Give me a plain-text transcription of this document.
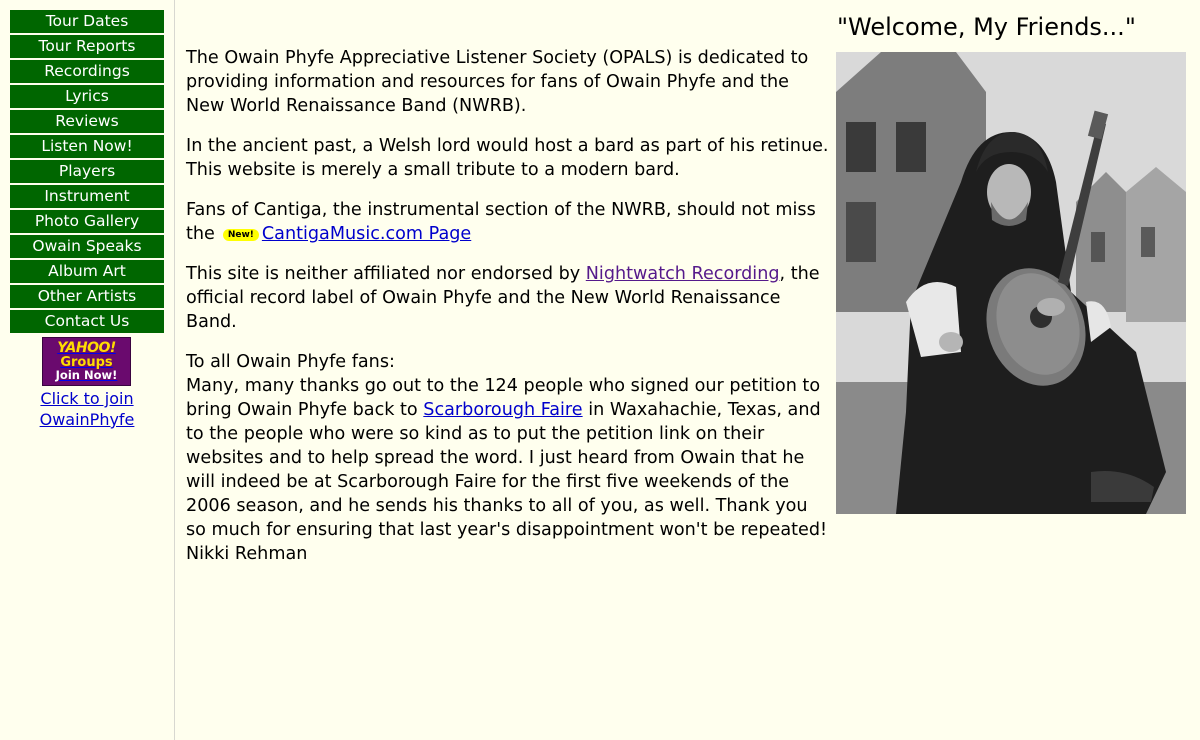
Tour Dates
Tour Reports
Recordings
Lyrics
Reviews
Listen Now!
Players
Instrument
Photo Gallery
Owain Speaks
Album Art
Other Artists
Contact Us
YAHOO!
Groups
Join Now!
Click to join
OwainPhyfe
"Welcome, My Friends..."

The Owain Phyfe Appreciative Listener Society (OPALS) is dedicated to providing information and resources for fans of Owain Phyfe and the New World Renaissance Band (NWRB).

In the ancient past, a Welsh lord would host a bard as part of his retinue. This website is merely a small tribute to a modern bard.

Fans of Cantiga, the instrumental section of the NWRB, should not miss the New! CantigaMusic.com Page

This site is neither affiliated nor endorsed by Nightwatch Recording, the official record label of Owain Phyfe and the New World Renaissance Band.

To all Owain Phyfe fans:
Many, many thanks go out to the 124 people who signed our petition to bring Owain Phyfe back to Scarborough Faire in Waxahachie, Texas, and to the people who were so kind as to put the petition link on their websites and to help spread the word. I just heard from Owain that he will indeed be at Scarborough Faire for the first five weekends of the 2006 season, and he sends his thanks to all of you, as well. Thank you so much for ensuring that last year's disappointment won't be repeated! Nikki Rehman
